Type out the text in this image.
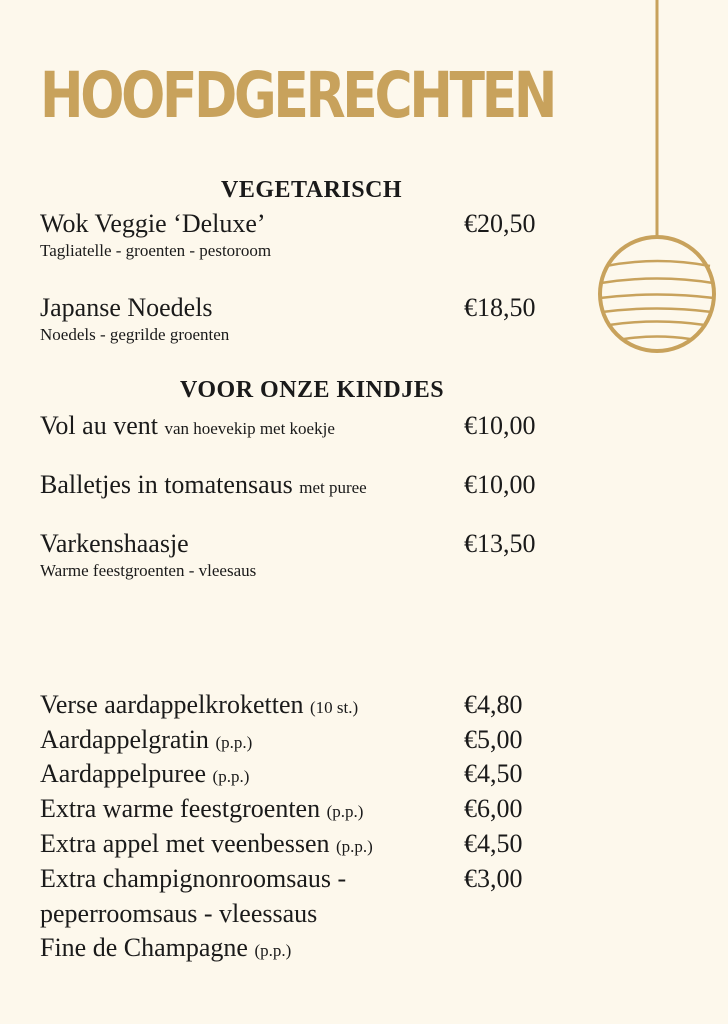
HOOFDGERECHTEN
VEGETARISCH
Wok Veggie ‘Deluxe’	€20,50
Tagliatelle - groenten - pestoroom
Japanse Noedels	€18,50
Noedels - gegrilde groenten
VOOR ONZE KINDJES
Vol au vent van hoevekip met koekje	€10,00
Balletjes in tomatensaus met puree	€10,00
Varkenshaasje	€13,50
Warme feestgroenten - vleesaus
Verse aardappelkroketten (10 st.)	€4,80
Aardappelgratin (p.p.)	€5,00
Aardappelpuree (p.p.)	€4,50
Extra warme feestgroenten (p.p.)	€6,00
Extra appel met veenbessen (p.p.)	€4,50
Extra champignonroomsaus -	€3,00
peperroomsaus - vleessaus
Fine de Champagne (p.p.)
